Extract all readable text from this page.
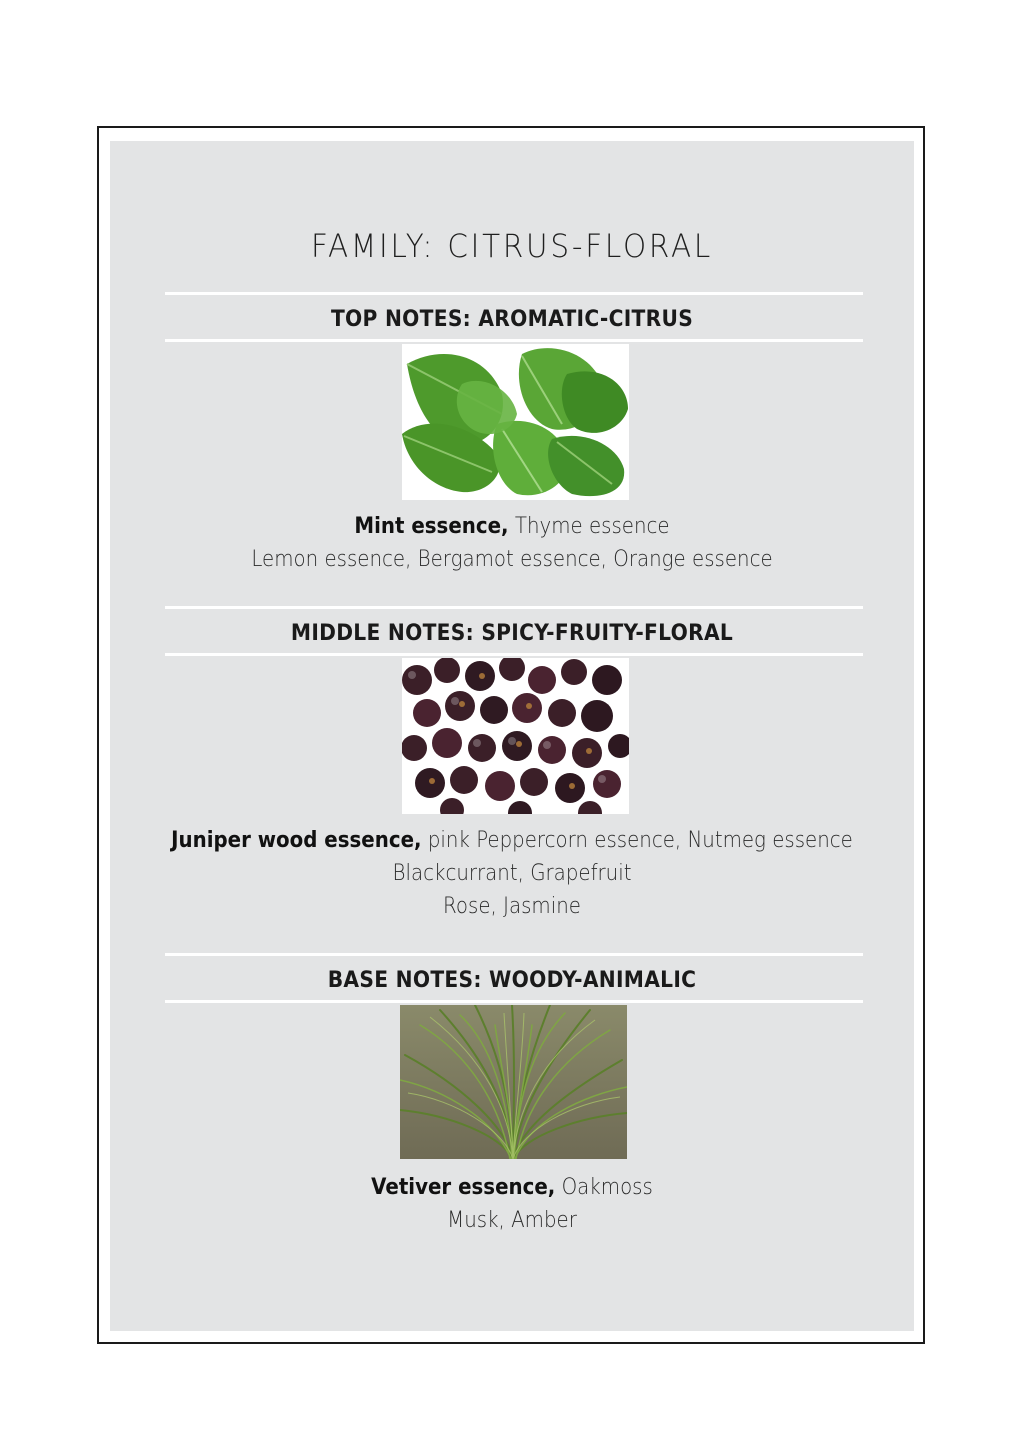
FAMILY: CITRUS-FLORAL
TOP NOTES: AROMATIC-CITRUS
Mint essence, Thyme essence
Lemon essence, Bergamot essence, Orange essence
MIDDLE NOTES: SPICY-FRUITY-FLORAL
Juniper wood essence, pink Peppercorn essence, Nutmeg essence
Blackcurrant, Grapefruit
Rose, Jasmine
BASE NOTES: WOODY-ANIMALIC
Vetiver essence, Oakmoss
Musk, Amber
